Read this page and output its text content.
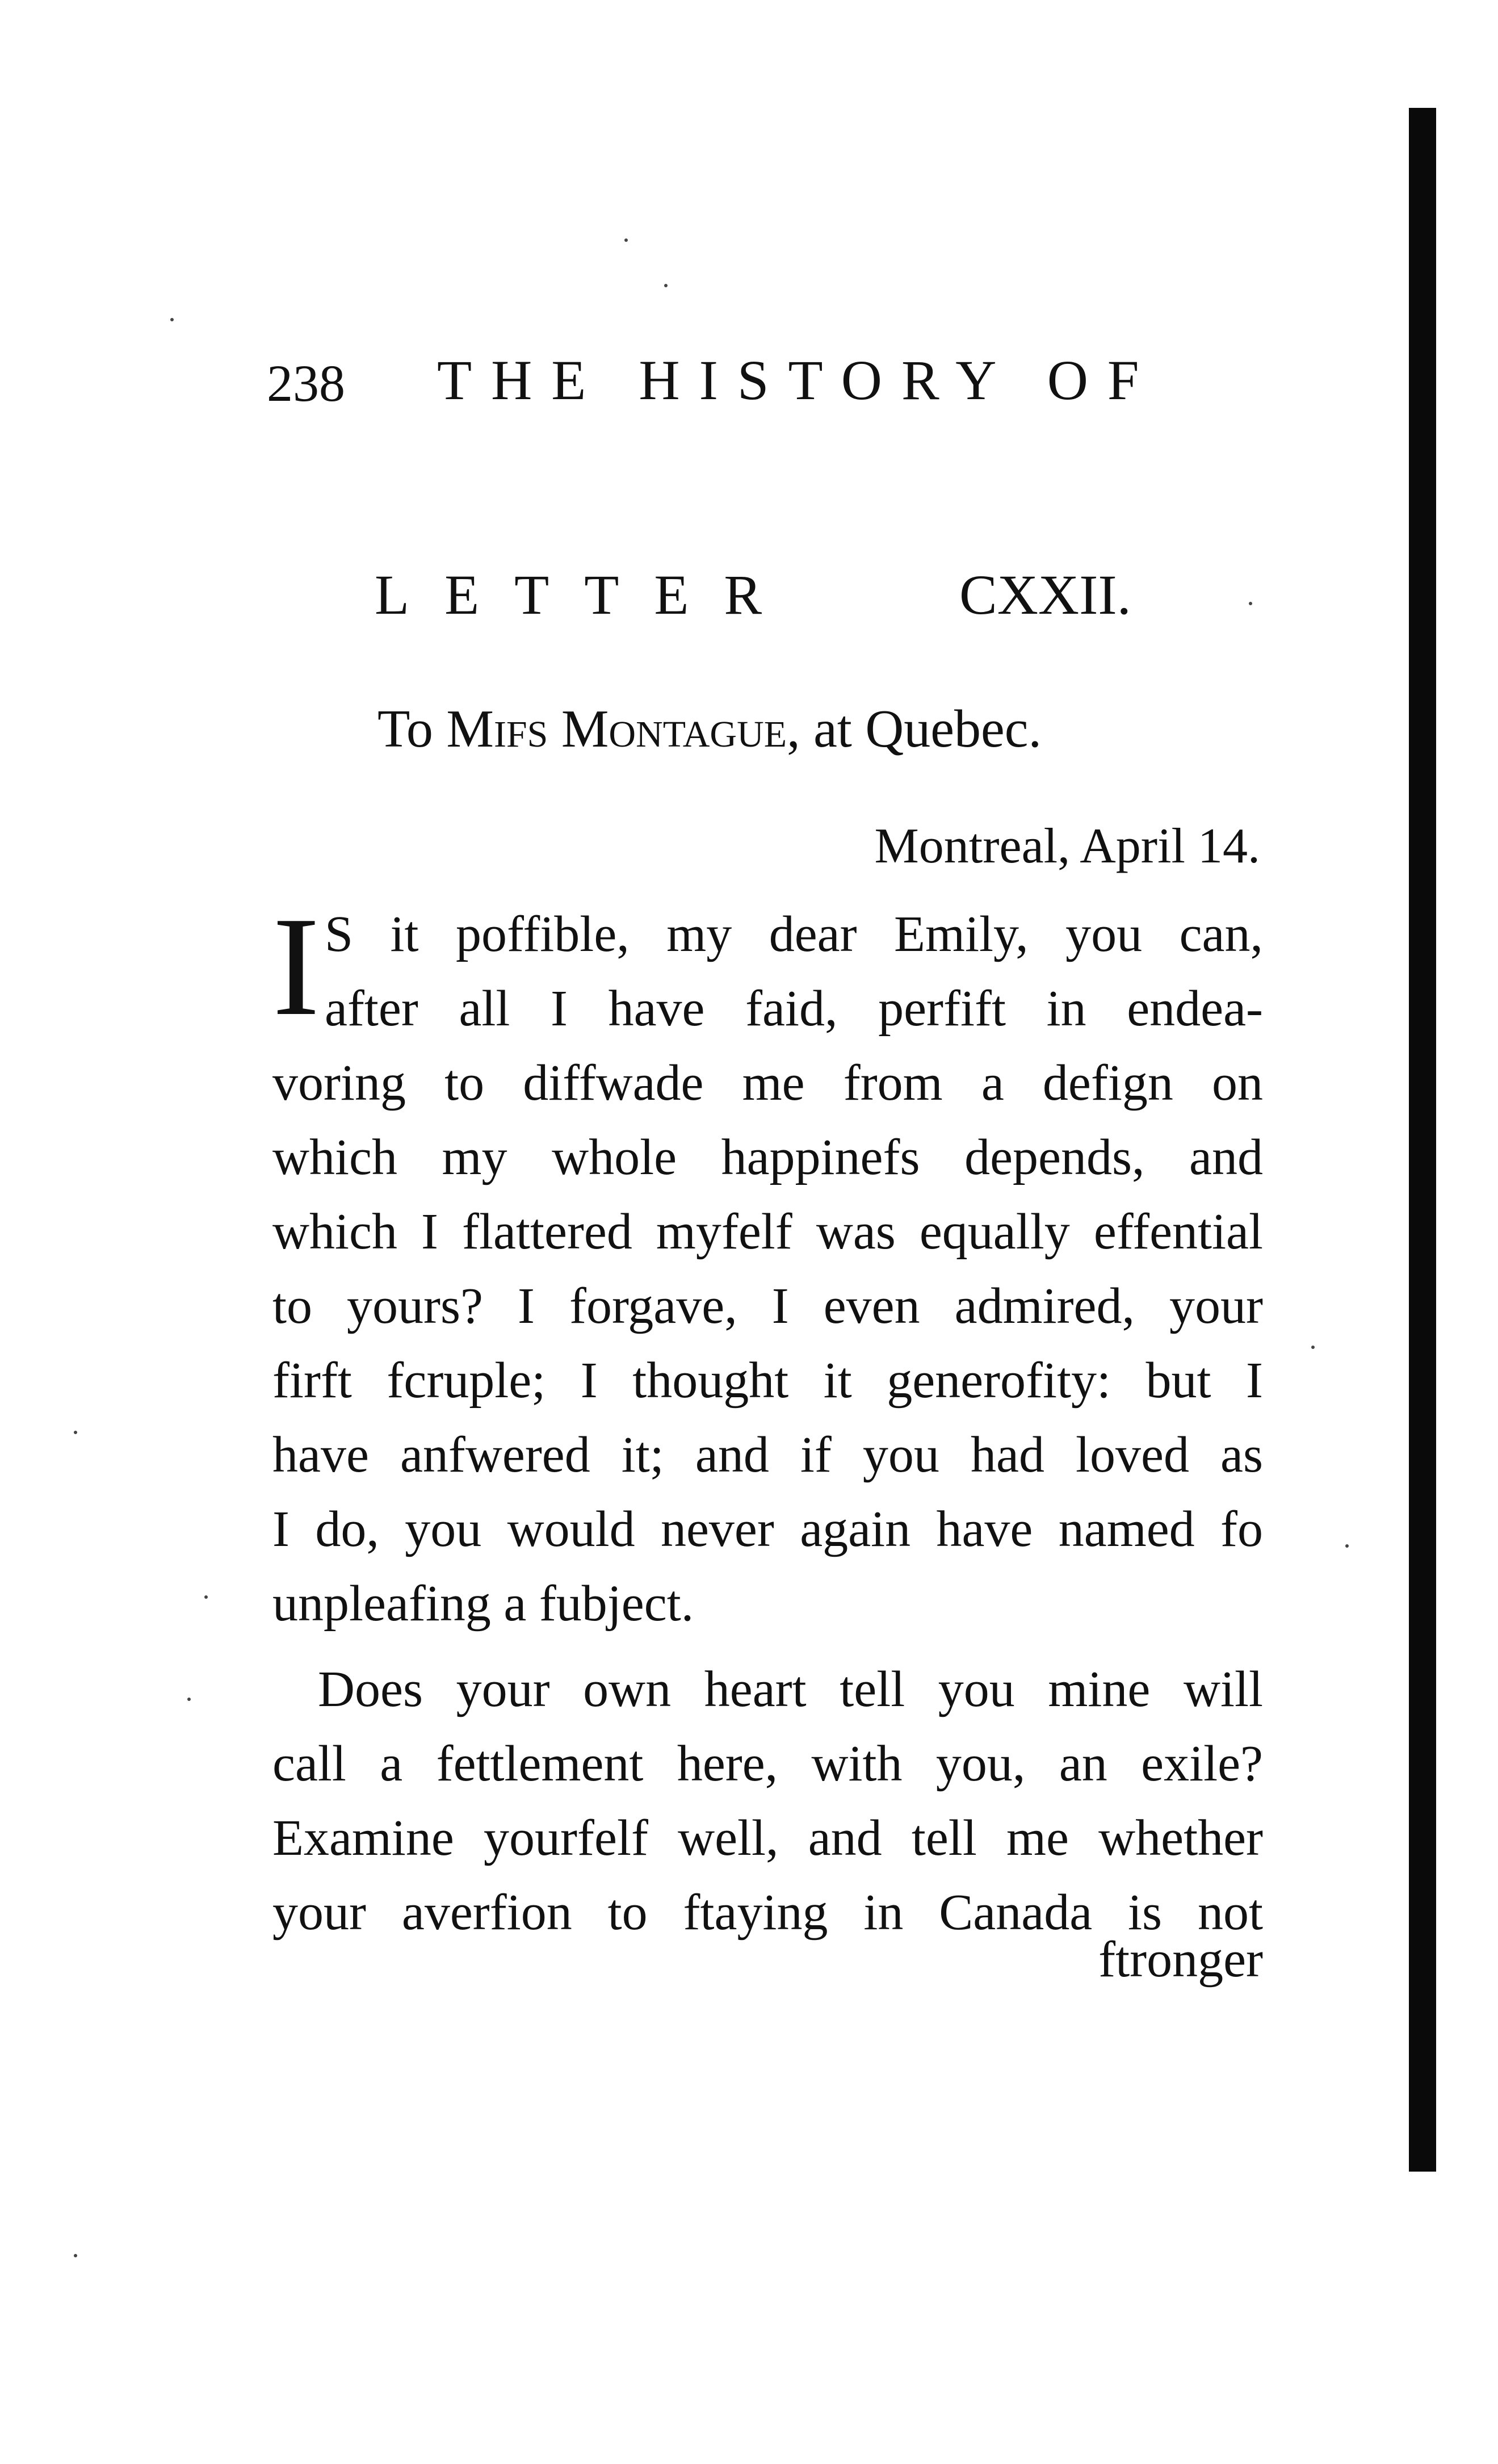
238 THE HISTORY OF
LETTER	CXXII.
To Mifs Montague, at Quebec.
Montreal, April 14.
I S it poffible, my dear Emily, you can,
after all I have faid, perfift in endea-
voring to diffwade me from a defign on
which my whole happinefs depends, and
which I flattered myfelf was equally effential
to yours? I forgave, I even admired, your
firft fcruple; I thought it generofity: but I
have anfwered it; and if you had loved as
I do, you would never again have named fo
unpleafing a fubject.
Does your own heart tell you mine will
call a fettlement here, with you, an exile?
Examine yourfelf well, and tell me whether
your averfion to ftaying in Canada is not
ftronger
